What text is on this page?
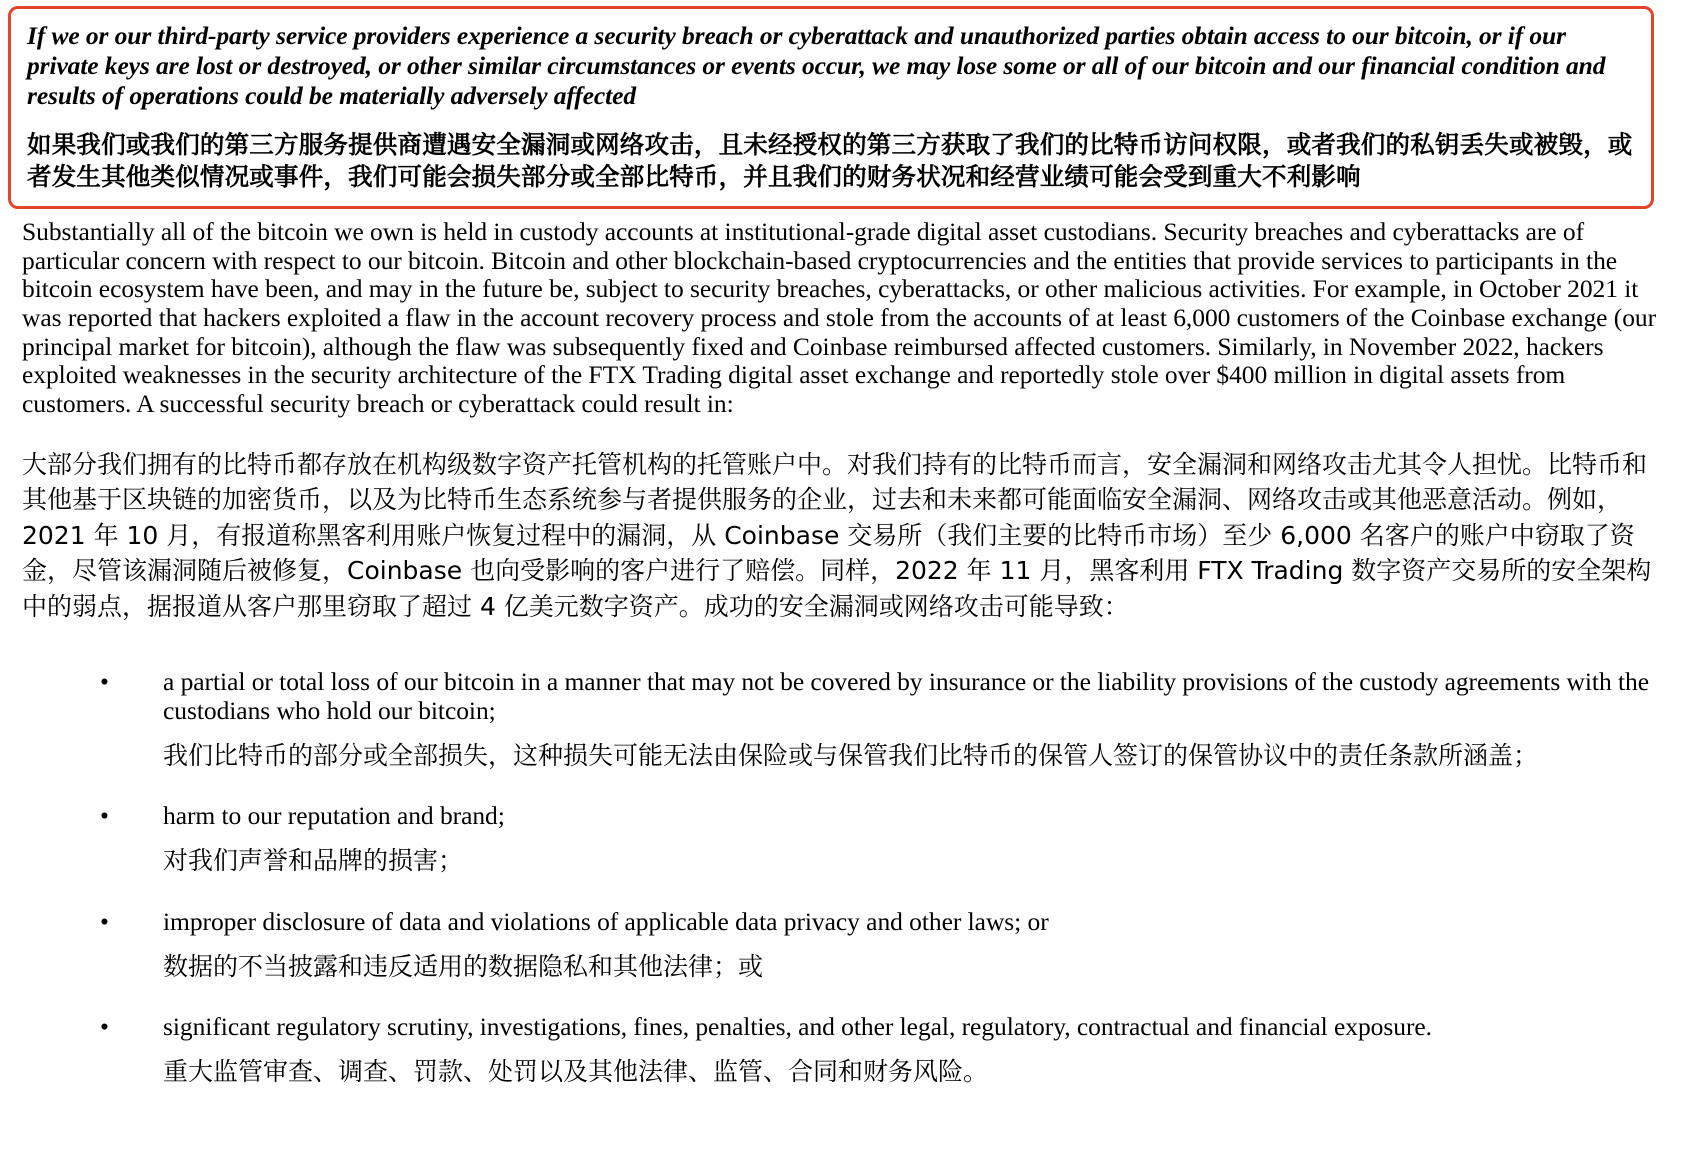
If we or our third-party service providers experience a security breach or cyberattack and unauthorized parties obtain access to our bitcoin, or if our private keys are lost or destroyed, or other similar circumstances or events occur, we may lose some or all of our bitcoin and our financial condition and results of operations could be materially adversely affected

如果我们或我们的第三方服务提供商遭遇安全漏洞或网络攻击，且未经授权的第三方获取了我们的比特币访问权限，或者我们的私钥丢失或被毁，或者发生其他类似情况或事件，我们可能会损失部分或全部比特币，并且我们的财务状况和经营业绩可能会受到重大不利影响

Substantially all of the bitcoin we own is held in custody accounts at institutional-grade digital asset custodians. Security breaches and cyberattacks are of particular concern with respect to our bitcoin. Bitcoin and other blockchain-based cryptocurrencies and the entities that provide services to participants in the bitcoin ecosystem have been, and may in the future be, subject to security breaches, cyberattacks, or other malicious activities. For example, in October 2021 it was reported that hackers exploited a flaw in the account recovery process and stole from the accounts of at least 6,000 customers of the Coinbase exchange (our principal market for bitcoin), although the flaw was subsequently fixed and Coinbase reimbursed affected customers. Similarly, in November 2022, hackers exploited weaknesses in the security architecture of the FTX Trading digital asset exchange and reportedly stole over $400 million in digital assets from customers. A successful security breach or cyberattack could result in:

大部分我们拥有的比特币都存放在机构级数字资产托管机构的托管账户中。对我们持有的比特币而言，安全漏洞和网络攻击尤其令人担忧。比特币和其他基于区块链的加密货币，以及为比特币生态系统参与者提供服务的企业，过去和未来都可能面临安全漏洞、网络攻击或其他恶意活动。例如，2021 年 10 月，有报道称黑客利用账户恢复过程中的漏洞，从 Coinbase 交易所（我们主要的比特币市场）至少 6,000 名客户的账户中窃取了资金，尽管该漏洞随后被修复，Coinbase 也向受影响的客户进行了赔偿。同样，2022 年 11 月，黑客利用 FTX Trading 数字资产交易所的安全架构中的弱点，据报道从客户那里窃取了超过 4 亿美元数字资产。成功的安全漏洞或网络攻击可能导致：

• a partial or total loss of our bitcoin in a manner that may not be covered by insurance or the liability provisions of the custody agreements with the custodians who hold our bitcoin;
我们比特币的部分或全部损失，这种损失可能无法由保险或与保管我们比特币的保管人签订的保管协议中的责任条款所涵盖；
• harm to our reputation and brand;
对我们声誉和品牌的损害；
• improper disclosure of data and violations of applicable data privacy and other laws; or
数据的不当披露和违反适用的数据隐私和其他法律；或
• significant regulatory scrutiny, investigations, fines, penalties, and other legal, regulatory, contractual and financial exposure.
重大监管审查、调查、罚款、处罚以及其他法律、监管、合同和财务风险。
